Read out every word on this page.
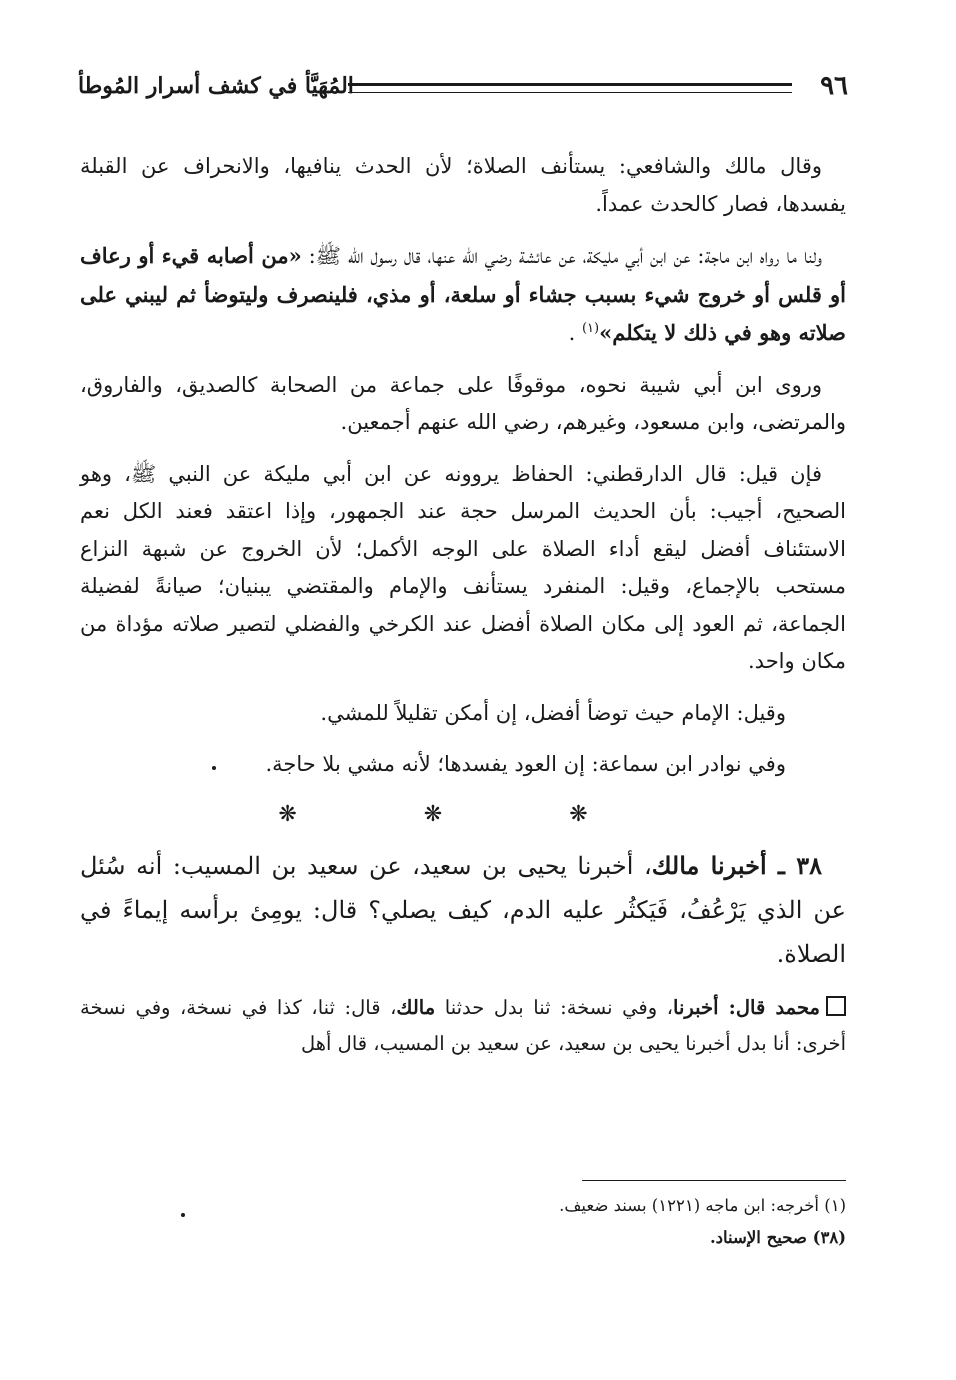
٩٦
المُهَيَّأ في كشف أسرار المُوطأ

وقال مالك والشافعي: يستأنف الصلاة؛ لأن الحدث ينافيها، والانحراف عن القبلة يفسدها، فصار كالحدث عمداً.

ولنا ما رواه ابن ماجة: عن ابن أبي مليكة، عن عائشة رضي الله عنها، قال رسول الله ﷺ: «من أصابه قيء أو رعاف أو قلس أو خروج شيء بسبب جشاء أو سلعة، أو مذي، فلينصرف وليتوضأ ثم ليبني على صلاته وهو في ذلك لا يتكلم»$^{(١)}$ .

وروى ابن أبي شيبة نحوه، موقوفًا على جماعة من الصحابة كالصديق، والفاروق، والمرتضى، وابن مسعود، وغيرهم، رضي الله عنهم أجمعين.

فإن قيل: قال الدارقطني: الحفاظ يروونه عن ابن أبي مليكة عن النبي ﷺ، وهو الصحيح، أجيب: بأن الحديث المرسل حجة عند الجمهور، وإذا اعتقد فعند الكل نعم الاستئناف أفضل ليقع أداء الصلاة على الوجه الأكمل؛ لأن الخروج عن شبهة النزاع مستحب بالإجماع، وقيل: المنفرد يستأنف والإمام والمقتضي يبنيان؛ صيانةً لفضيلة الجماعة، ثم العود إلى مكان الصلاة أفضل عند الكرخي والفضلي لتصير صلاته مؤداة من مكان واحد.

وقيل: الإمام حيث توضأ أفضل، إن أمكن تقليلاً للمشي.

وفي نوادر ابن سماعة: إن العود يفسدها؛ لأنه مشي بلا حاجة.

❋ ❋ ❋

٣٨ ـ أخبرنا مالك، أخبرنا يحيى بن سعيد، عن سعيد بن المسيب: أنه سُئل عن الذي يَرْعُفُ، فَيَكثُر عليه الدم، كيف يصلي؟ قال: يومِئ برأسه إيماءً في الصلاة.

محمد قال: أخبرنا، وفي نسخة: ثنا بدل حدثنا مالك، قال: ثنا، كذا في نسخة، وفي نسخة أخرى: أنا بدل أخبرنا يحيى بن سعيد، عن سعيد بن المسيب، قال أهل

(١) أخرجه: ابن ماجه (١٢٢١) بسند ضعيف.

(٣٨) صحيح الإسناد.
